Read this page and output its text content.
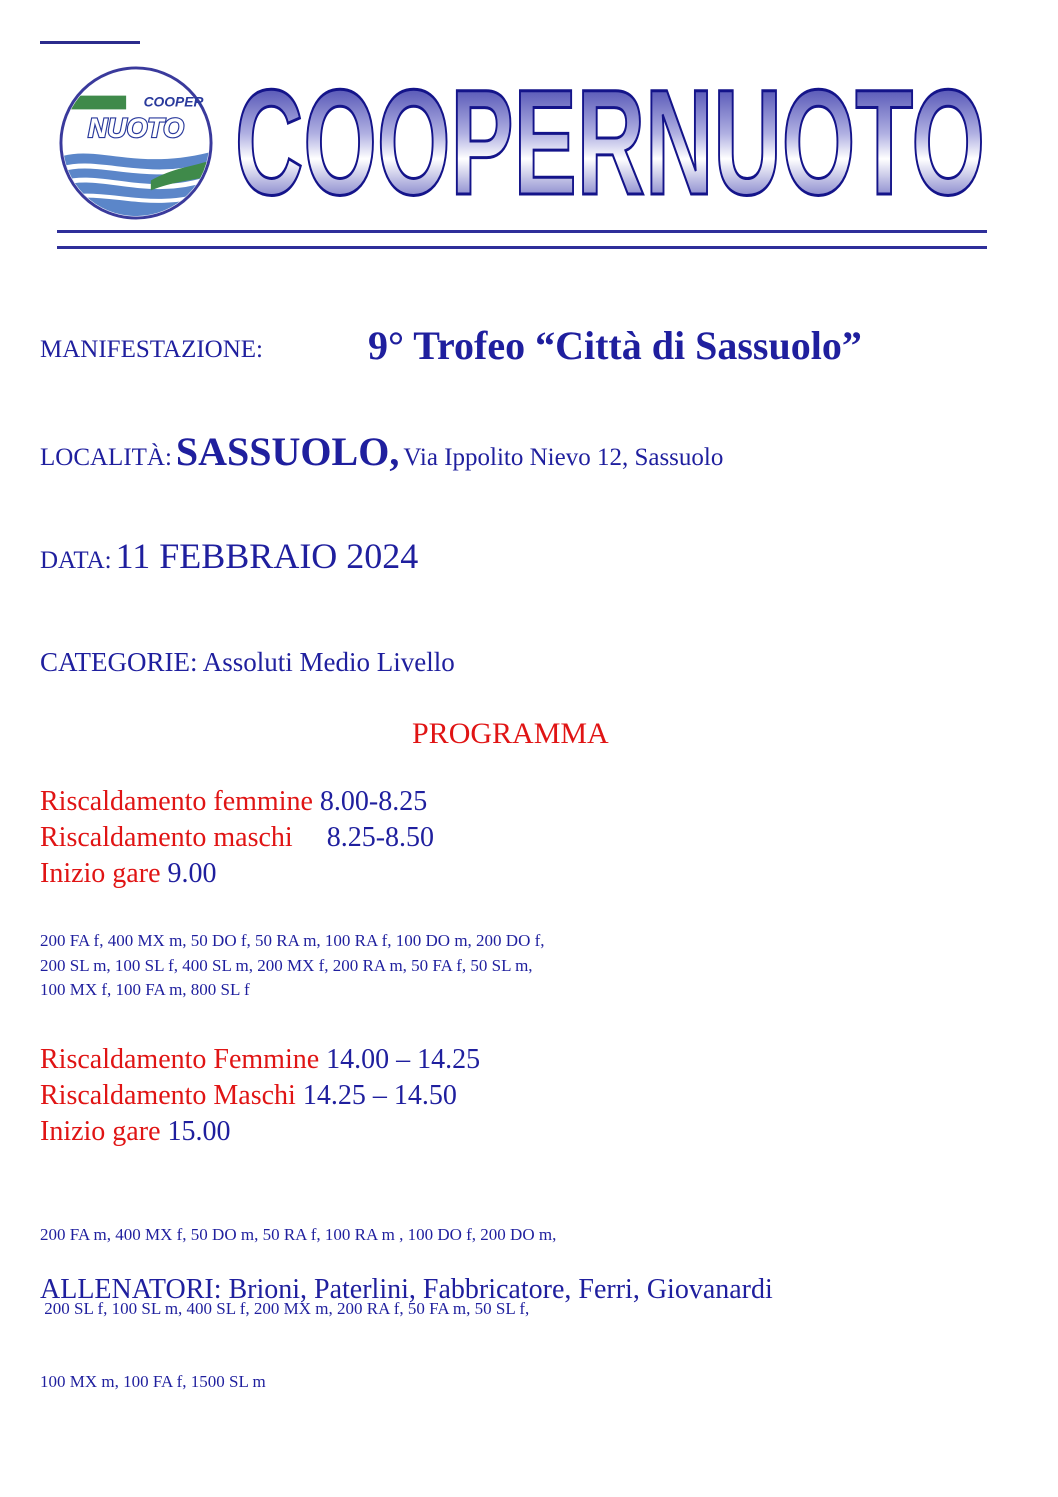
COOPER
NUOTO COOPERNUOTO
MANIFESTAZIONE:	9° Trofeo “Città di Sassuolo”
LOCALITÀ: SASSUOLO, Via Ippolito Nievo 12, Sassuolo
DATA: 11 FEBBRAIO 2024
CATEGORIE: Assoluti Medio Livello
PROGRAMMA
Riscaldamento femmine 8.00-8.25
Riscaldamento maschi 8.25-8.50
Inizio gare 9.00
200 FA f, 400 MX m, 50 DO f, 50 RA m, 100 RA f, 100 DO m, 200 DO f,
200 SL m, 100 SL f, 400 SL m, 200 MX f, 200 RA m, 50 FA f, 50 SL m,
100 MX f, 100 FA m, 800 SL f
Riscaldamento Femmine 14.00 – 14.25
Riscaldamento Maschi 14.25 – 14.50
Inizio gare 15.00

200 FA m, 400 MX f, 50 DO m, 50 RA f, 100 RA m , 100 DO f, 200 DO m,

200 SL f, 100 SL m, 400 SL f, 200 MX m, 200 RA f, 50 FA m, 50 SL f,

100 MX m, 100 FA f, 1500 SL m

ALLENATORI: Brioni, Paterlini, Fabbricatore, Ferri, Giovanardi
